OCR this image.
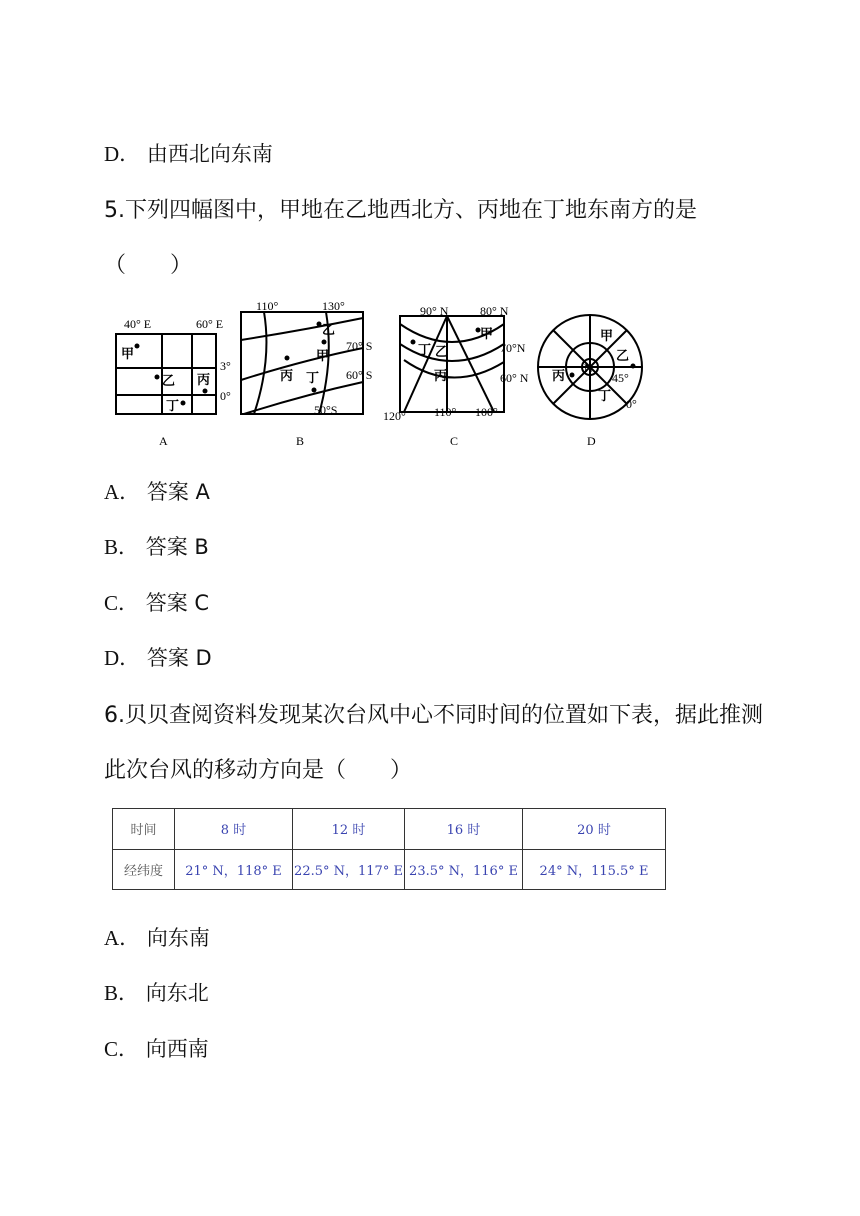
D． 由西北向东南
5.下列四幅图中，甲地在乙地西北方、丙地在丁地东南方的是
（　　）
40° E	60° E
3°
0°
甲
乙 丙
丁
110°	130°
70° S
60° S
50°S
乙
甲
丙 丁
90° N	80° N
70°N
60° N
120° 110° 100°
甲
丁 乙
丙	N
45°
0°
甲
乙
丙
丁
A	B	C	D
A． 答案 A
B． 答案 B
C． 答案 C
D． 答案 D
6.贝贝查阅资料发现某次台风中心不同时间的位置如下表，据此推测
此次台风的移动方向是（　　）
时间	8 时	12 时	16 时	20 时
经纬度	21° N，118° E	22.5° N，117° E	23.5° N，116° E	24° N，115.5° E
A． 向东南
B． 向东北
C． 向西南
